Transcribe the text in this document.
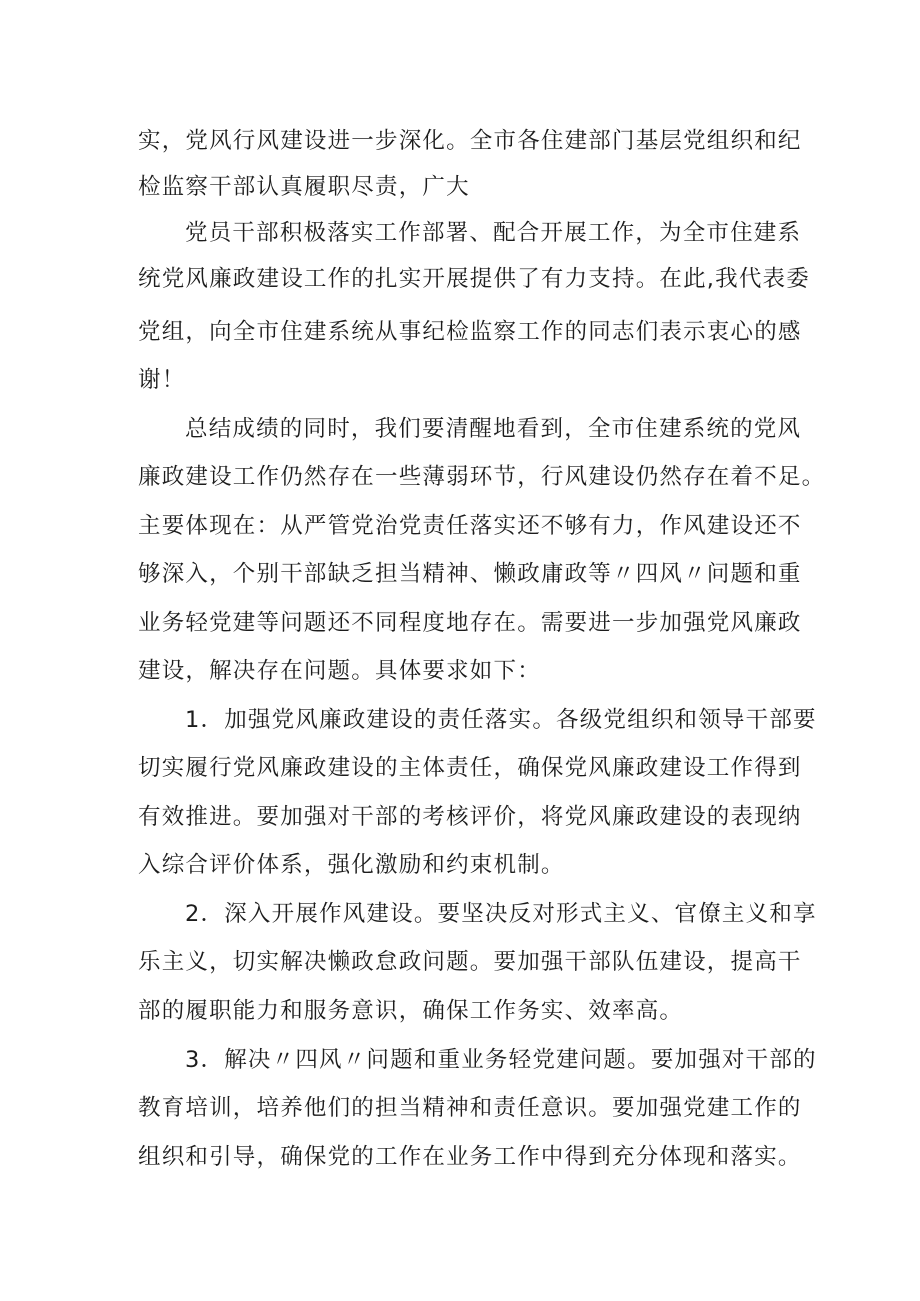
实，党风行风建设进一步深化。全市各住建部门基层党组织和纪

检监察干部认真履职尽责，广大

党员干部积极落实工作部署、配合开展工作，为全市住建系

统党风廉政建设工作的扎实开展提供了有力支持。在此,我代表委

党组，向全市住建系统从事纪检监察工作的同志们表示衷心的感

谢！

总结成绩的同时，我们要清醒地看到，全市住建系统的党风

廉政建设工作仍然存在一些薄弱环节，行风建设仍然存在着不足。

主要体现在：从严管党治党责任落实还不够有力，作风建设还不

够深入，个别干部缺乏担当精神、懒政庸政等〃四风〃问题和重

业务轻党建等问题还不同程度地存在。需要进一步加强党风廉政

建设，解决存在问题。具体要求如下：

1．加强党风廉政建设的责任落实。各级党组织和领导干部要

切实履行党风廉政建设的主体责任，确保党风廉政建设工作得到

有效推进。要加强对干部的考核评价，将党风廉政建设的表现纳

入综合评价体系，强化激励和约束机制。

2．深入开展作风建设。要坚决反对形式主义、官僚主义和享

乐主义，切实解决懒政怠政问题。要加强干部队伍建设，提高干

部的履职能力和服务意识，确保工作务实、效率高。

3．解决〃四风〃问题和重业务轻党建问题。要加强对干部的

教育培训，培养他们的担当精神和责任意识。要加强党建工作的

组织和引导，确保党的工作在业务工作中得到充分体现和落实。
